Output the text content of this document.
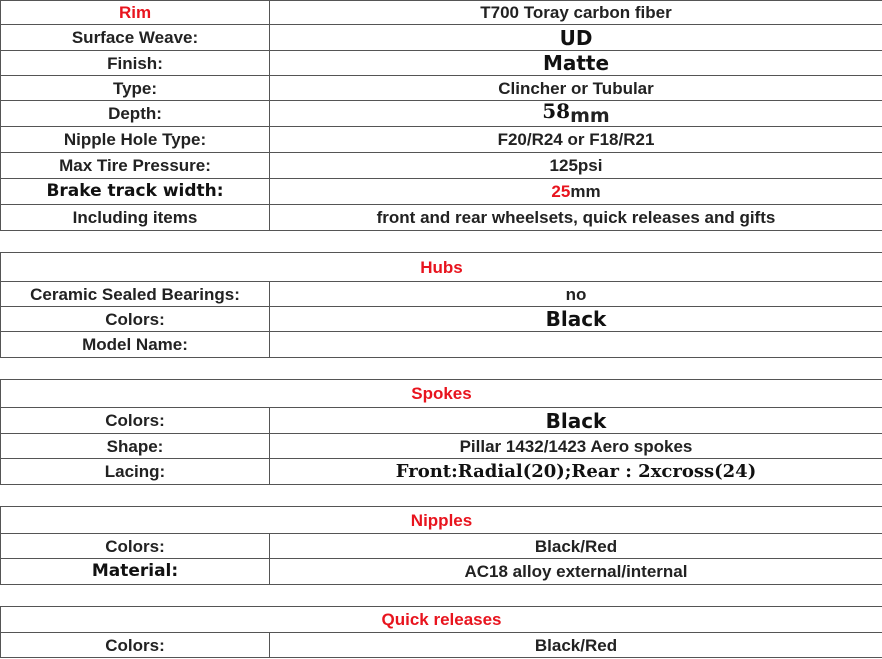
Rim	T700 Toray carbon fiber
Surface Weave:	UD
Finish:	Matte
Type:	Clincher or Tubular
Depth:	58mm
Nipple Hole Type:	F20/R24 or F18/R21
Max Tire Pressure:	125psi
Brake track width:	25mm
Including items	front and rear wheelsets, quick releases and gifts

Hubs	
Ceramic Sealed Bearings:	no
Colors:	Black
Model Name:	

Spokes	
Colors:	Black
Shape:	Pillar 1432/1423 Aero spokes
Lacing:	Front:Radial(20);Rear : 2xcross(24)

Nipples	
Colors:	Black/Red
Material:	AC18 alloy external/internal

Quick releases	
Colors:	Black/Red
